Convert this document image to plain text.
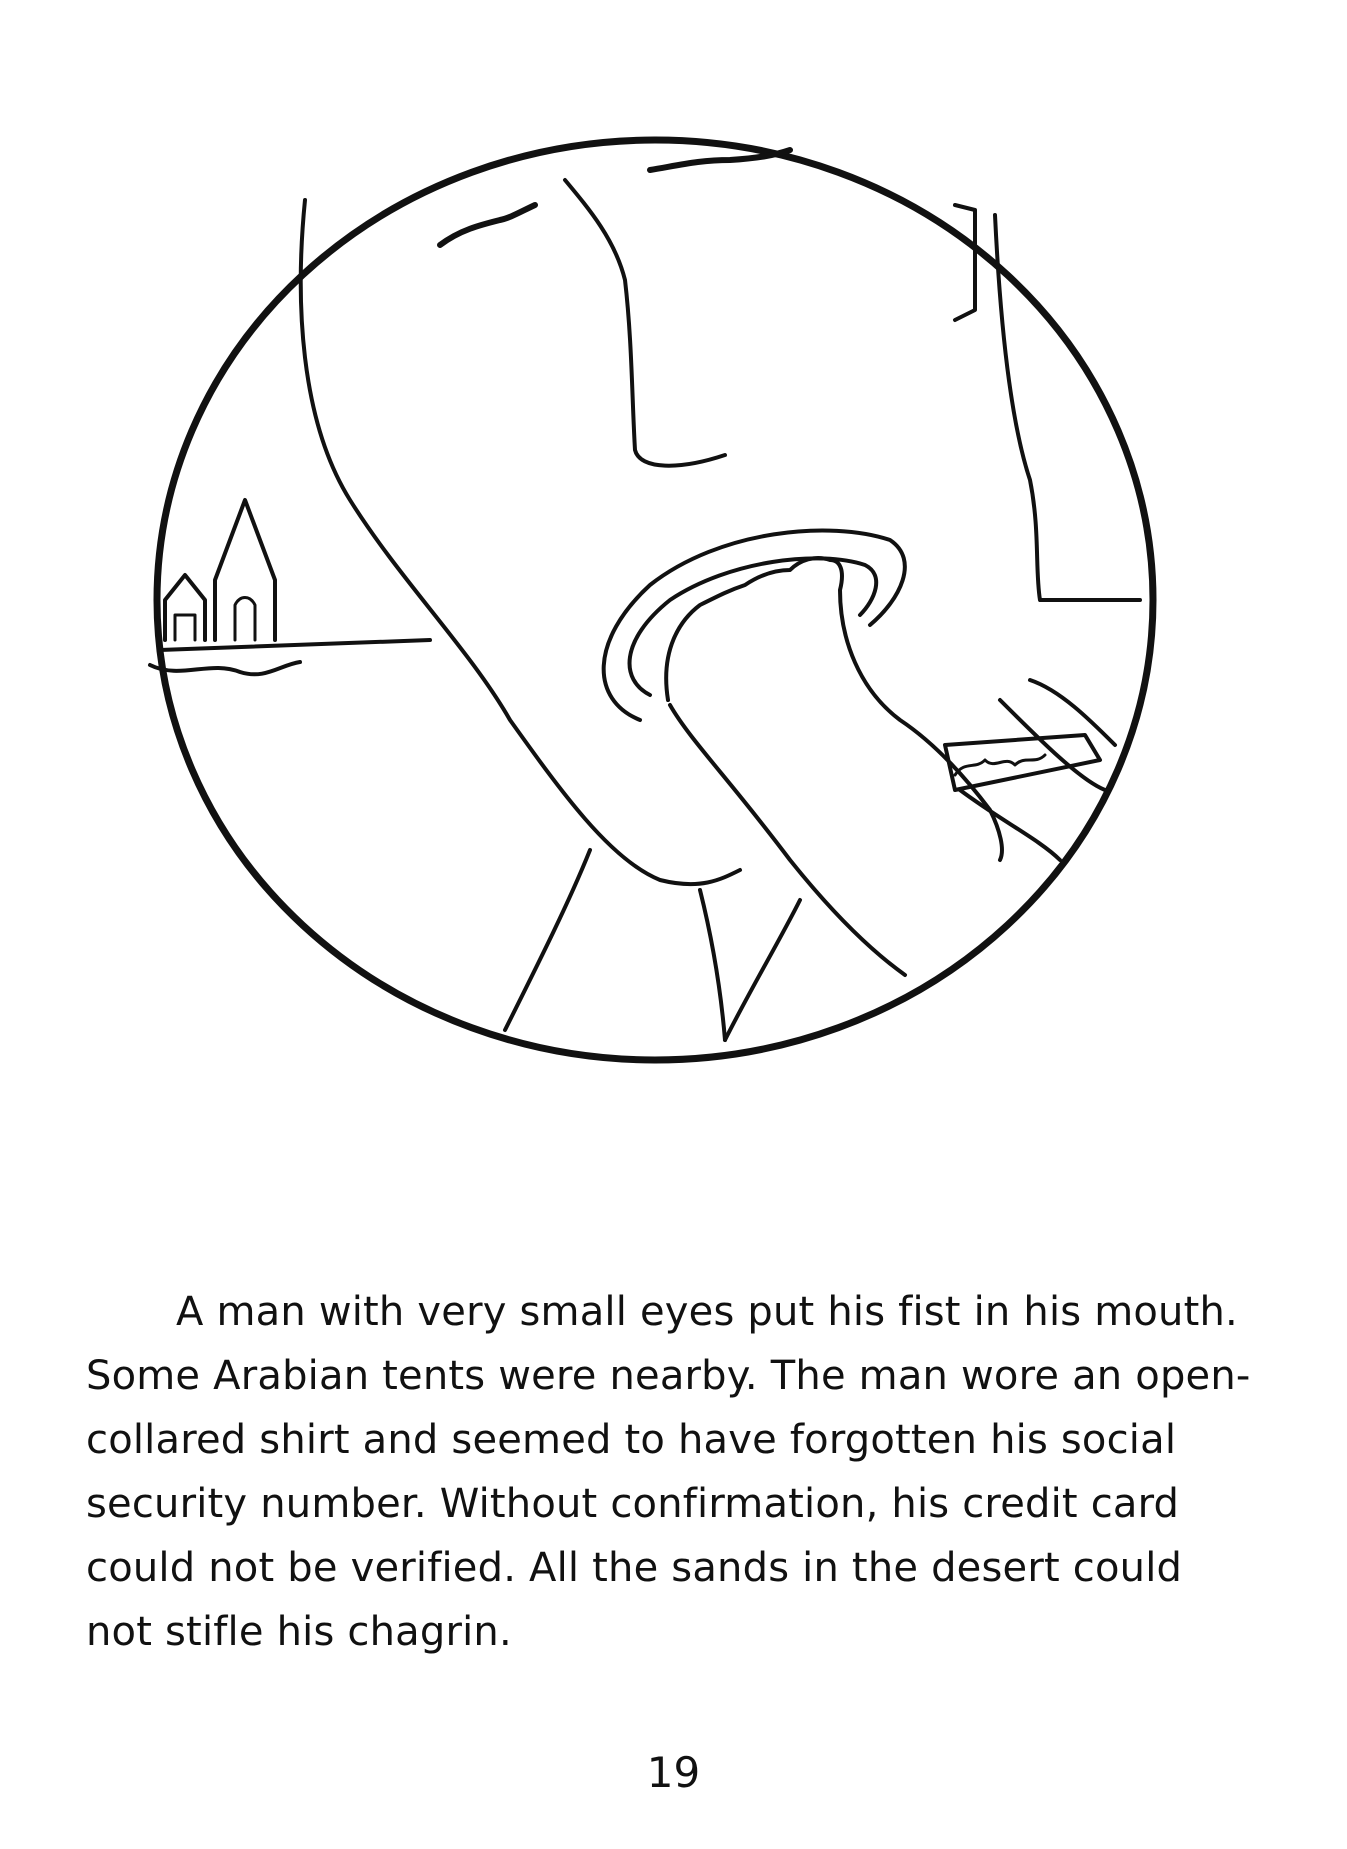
A man with very small eyes put his fist in his mouth.
Some Arabian tents were nearby. The man wore an open-
collared shirt and seemed to have forgotten his social
security number. Without confirmation, his credit card
could not be verified. All the sands in the desert could
not stifle his chagrin.

19
